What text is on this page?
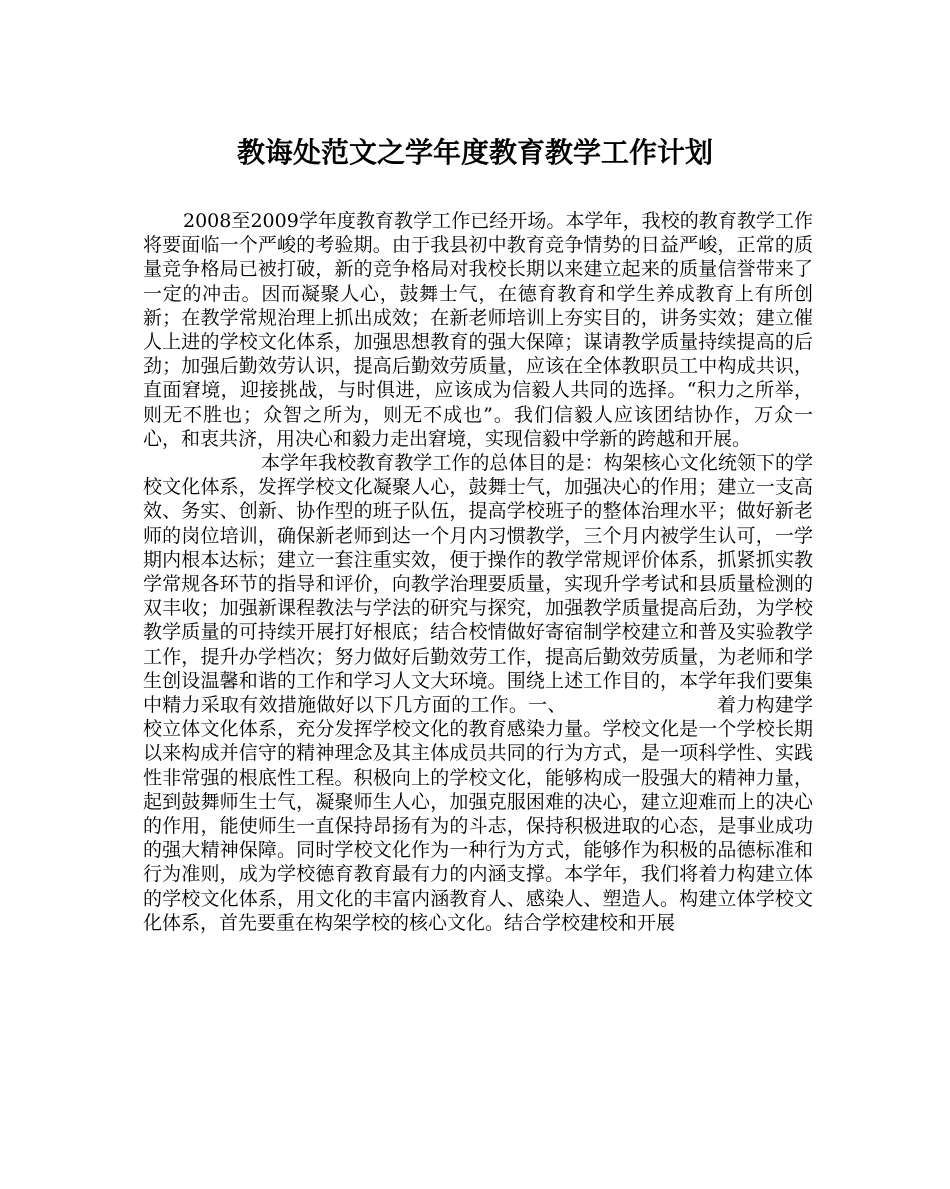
教诲处范文之学年度教育教学工作计划

2008至2009学年度教育教学工作已经开场。本学年，我校的教育教学工作将要面临一个严峻的考验期。由于我县初中教育竞争情势的日益严峻，正常的质量竞争格局已被打破，新的竞争格局对我校长期以来建立起来的质量信誉带来了一定的冲击。因而凝聚人心，鼓舞士气，在德育教育和学生养成教育上有所创新；在教学常规治理上抓出成效；在新老师培训上夯实目的，讲务实效；建立催人上进的学校文化体系，加强思想教育的强大保障；谋请教学质量持续提高的后劲；加强后勤效劳认识，提高后勤效劳质量，应该在全体教职员工中构成共识，直面窘境，迎接挑战，与时俱进，应该成为信毅人共同的选择。“积力之所举，则无不胜也；众智之所为，则无不成也”。我们信毅人应该团结协作，万众一心，和衷共济，用决心和毅力走出窘境，实现信毅中学新的跨越和开展。

本学年我校教育教学工作的总体目的是：构架核心文化统领下的学校文化体系，发挥学校文化凝聚人心，鼓舞士气，加强决心的作用；建立一支高效、务实、创新、协作型的班子队伍，提高学校班子的整体治理水平；做好新老师的岗位培训，确保新老师到达一个月内习惯教学，三个月内被学生认可，一学期内根本达标；建立一套注重实效，便于操作的教学常规评价体系，抓紧抓实教学常规各环节的指导和评价，向教学治理要质量，实现升学考试和县质量检测的双丰收；加强新课程教法与学法的研究与探究，加强教学质量提高后劲，为学校教学质量的可持续开展打好根底；结合校情做好寄宿制学校建立和普及实验教学工作，提升办学档次；努力做好后勤效劳工作，提高后勤效劳质量，为老师和学生创设温馨和谐的工作和学习人文大环境。围绕上述工作目的，本学年我们要集中精力采取有效措施做好以下几方面的工作。一、	着力构建学校立体文化体系，充分发挥学校文化的教育感染力量。学校文化是一个学校长期以来构成并信守的精神理念及其主体成员共同的行为方式，是一项科学性、实践性非常强的根底性工程。积极向上的学校文化，能够构成一股强大的精神力量，起到鼓舞师生士气，凝聚师生人心，加强克服困难的决心，建立迎难而上的决心的作用，能使师生一直保持昂扬有为的斗志，保持积极进取的心态，是事业成功的强大精神保障。同时学校文化作为一种行为方式，能够作为积极的品德标准和行为准则，成为学校德育教育最有力的内涵支撑。本学年，我们将着力构建立体的学校文化体系，用文化的丰富内涵教育人、感染人、塑造人。构建立体学校文化体系，首先要重在构架学校的核心文化。结合学校建校和开展
